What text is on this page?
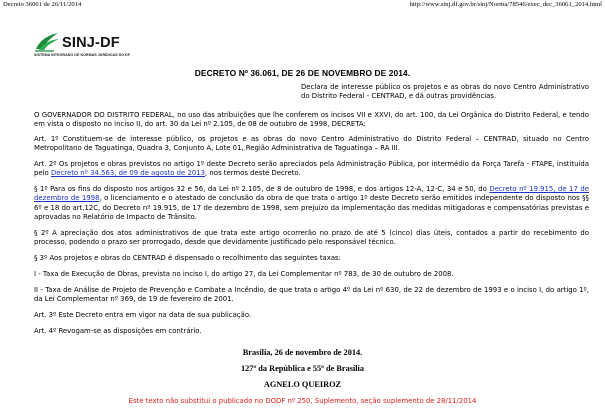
Decreto 36061 de 26/11/2014	http://www.sinj.df.gov.br/sinj/Norma/78546/exec_dec_36061_2014.html
SINJ-DF
SISTEMA INTEGRADO DE NORMAS JURÍDICAS DO DF
DECRETO Nº 36.061, DE 26 DE NOVEMBRO DE 2014.
Declara de interesse público os projetos e as obras do novo Centro Administrativo do Distrito Federal - CENTRAD, e dá outras providências.

O GOVERNADOR DO DISTRITO FEDERAL, no uso das atribuições que lhe conferem os incisos VII e XXVI, do art. 100, da Lei Orgânica do Distrito Federal, e tendo em vista o disposto no inciso II, do art. 30 da Lei nº 2.105, de 08 de outubro de 1998, DECRETA:

Art. 1º Constituem-se de interesse público, os projetos e as obras do novo Centro Administrativo do Distrito Federal – CENTRAD, situado no Centro Metropolitano de Taguatinga, Quadra 3, Conjunto A, Lote 01, Região Administrativa de Taguatinga – RA III.

Art. 2º Os projetos e obras previstos no artigo 1º deste Decreto serão apreciados pela Administração Pública, por intermédio da Força Tarefa - FTAPE, instituída pelo Decreto nº 34.563, de 09 de agosto de 2013, nos termos deste Decreto.

§ 1º Para os fins do disposto nos artigos 32 e 56, da Lei nº 2.105, de 8 de outubro de 1998, e dos artigos 12-A, 12-C, 34 e 50, do Decreto nº 19.915, de 17 de dezembro de 1998, o licenciamento e o atestado de conclusão da obra de que trata o artigo 1º deste Decreto serão emitidos independente do disposto nos §§ 6º e 18 do art.12C, do Decreto nº 19.915, de 17 de dezembro de 1998, sem prejuízo da implementação das medidas mitigadoras e compensatórias previstas e aprovadas no Relatório de Impacto de Trânsito.

§ 2º A apreciação dos atos administrativos de que trata este artigo ocorrerão no prazo de até 5 (cinco) dias úteis, contados a partir do recebimento do processo, podendo o prazo ser prorrogado, desde que devidamente justificado pelo responsável técnico.

§ 3º Aos projetos e obras do CENTRAD é dispensado o recolhimento das seguintes taxas:

I - Taxa de Execução de Obras, prevista no inciso I, do artigo 27, da Lei Complementar nº 783, de 30 de outubro de 2008.

II - Taxa de Análise de Projeto de Prevenção e Combate a Incêndio, de que trata o artigo 4º da Lei nº 630, de 22 de dezembro de 1993 e o inciso I, do artigo 1º, da Lei Complementar nº 369, de 19 de fevereiro de 2001.

Art. 3º Este Decreto entra em vigor na data de sua publicação.

Art. 4º Revogam-se as disposições em contrário.

Brasília, 26 de novembro de 2014.
127º da República e 55º de Brasília
AGNELO QUEIROZ
Este texto não substitui o publicado no DODF nº 250, Suplemento, seção suplemento de 28/11/2014
